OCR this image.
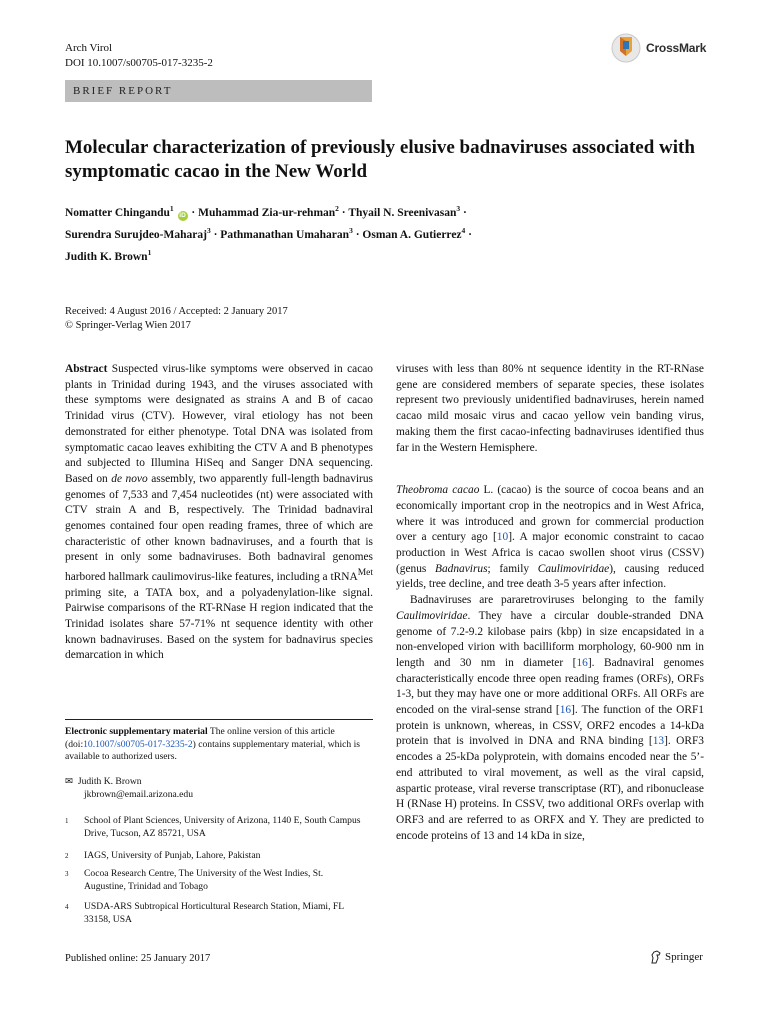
Arch Virol
DOI 10.1007/s00705-017-3235-2
CrossMark
BRIEF REPORT
Molecular characterization of previously elusive badnaviruses associated with symptomatic cacao in the New World
Nomatter Chingandu$^1$ iD · Muhammad Zia-ur-rehman$^2$ · Thyail N. Sreenivasan$^3$ ·
Surendra Surujdeo-Maharaj$^3$ · Pathmanathan Umaharan$^3$ · Osman A. Gutierrez$^4$ ·
Judith K. Brown$^1$
Received: 4 August 2016 / Accepted: 2 January 2017
© Springer-Verlag Wien 2017

Abstract Suspected virus-like symptoms were observed in cacao plants in Trinidad during 1943, and the viruses associated with these symptoms were designated as strains A and B of cacao Trinidad virus (CTV). However, viral etiology has not been demonstrated for either phenotype. Total DNA was isolated from symptomatic cacao leaves exhibiting the CTV A and B phenotypes and subjected to Illumina HiSeq and Sanger DNA sequencing. Based on de novo assembly, two apparently full-length badnavirus genomes of 7,533 and 7,454 nucleotides (nt) were associated with CTV strain A and B, respectively. The Trinidad badnaviral genomes contained four open reading frames, three of which are characteristic of other known badnaviruses, and a fourth that is present in only some badnaviruses. Both badnaviral genomes harbored hallmark caulimovirus-like features, including a tRNA$^{Met}$ priming site, a TATA box, and a polyadenylation-like signal. Pairwise comparisons of the RT-RNase H region indicated that the Trinidad isolates share 57-71% nt sequence identity with other known badnaviruses. Based on the system for badnavirus species demarcation in which

Electronic supplementary material The online version of this article (doi:10.1007/s00705-017-3235-2) contains supplementary material, which is available to authorized users.

✉ Judith K. Brown
jkbrown@email.arizona.edu
1 School of Plant Sciences, University of Arizona, 1140 E, South Campus Drive, Tucson, AZ 85721, USA
2 IAGS, University of Punjab, Lahore, Pakistan
3 Cocoa Research Centre, The University of the West Indies, St. Augustine, Trinidad and Tobago
4 USDA-ARS Subtropical Horticultural Research Station, Miami, FL 33158, USA

viruses with less than 80% nt sequence identity in the RT-RNase gene are considered members of separate species, these isolates represent two previously unidentified badnaviruses, herein named cacao mild mosaic virus and cacao yellow vein banding virus, making them the first cacao-infecting badnaviruses identified thus far in the Western Hemisphere.

Theobroma cacao L. (cacao) is the source of cocoa beans and an economically important crop in the neotropics and in West Africa, where it was introduced and grown for commercial production over a century ago [10]. A major economic constraint to cacao production in West Africa is cacao swollen shoot virus (CSSV) (genus Badnavirus; family Caulimoviridae), causing reduced yields, tree decline, and tree death 3-5 years after infection.

Badnaviruses are pararetroviruses belonging to the family Caulimoviridae. They have a circular double-stranded DNA genome of 7.2-9.2 kilobase pairs (kbp) in size encapsidated in a non-enveloped virion with bacilliform morphology, 60-900 nm in length and 30 nm in diameter [16]. Badnaviral genomes characteristically encode three open reading frames (ORFs), ORFs 1-3, but they may have one or more additional ORFs. All ORFs are encoded on the viral-sense strand [16]. The function of the ORF1 protein is unknown, whereas, in CSSV, ORF2 encodes a 14-kDa protein that is involved in DNA and RNA binding [13]. ORF3 encodes a 25-kDa polyprotein, with domains encoded near the 5’-end attributed to viral movement, as well as the viral capsid, aspartic protease, viral reverse transcriptase (RT), and ribonuclease H (RNase H) proteins. In CSSV, two additional ORFs overlap with ORF3 and are referred to as ORFX and Y. They are predicted to encode proteins of 13 and 14 kDa in size,

Published online: 25 January 2017	Springer
